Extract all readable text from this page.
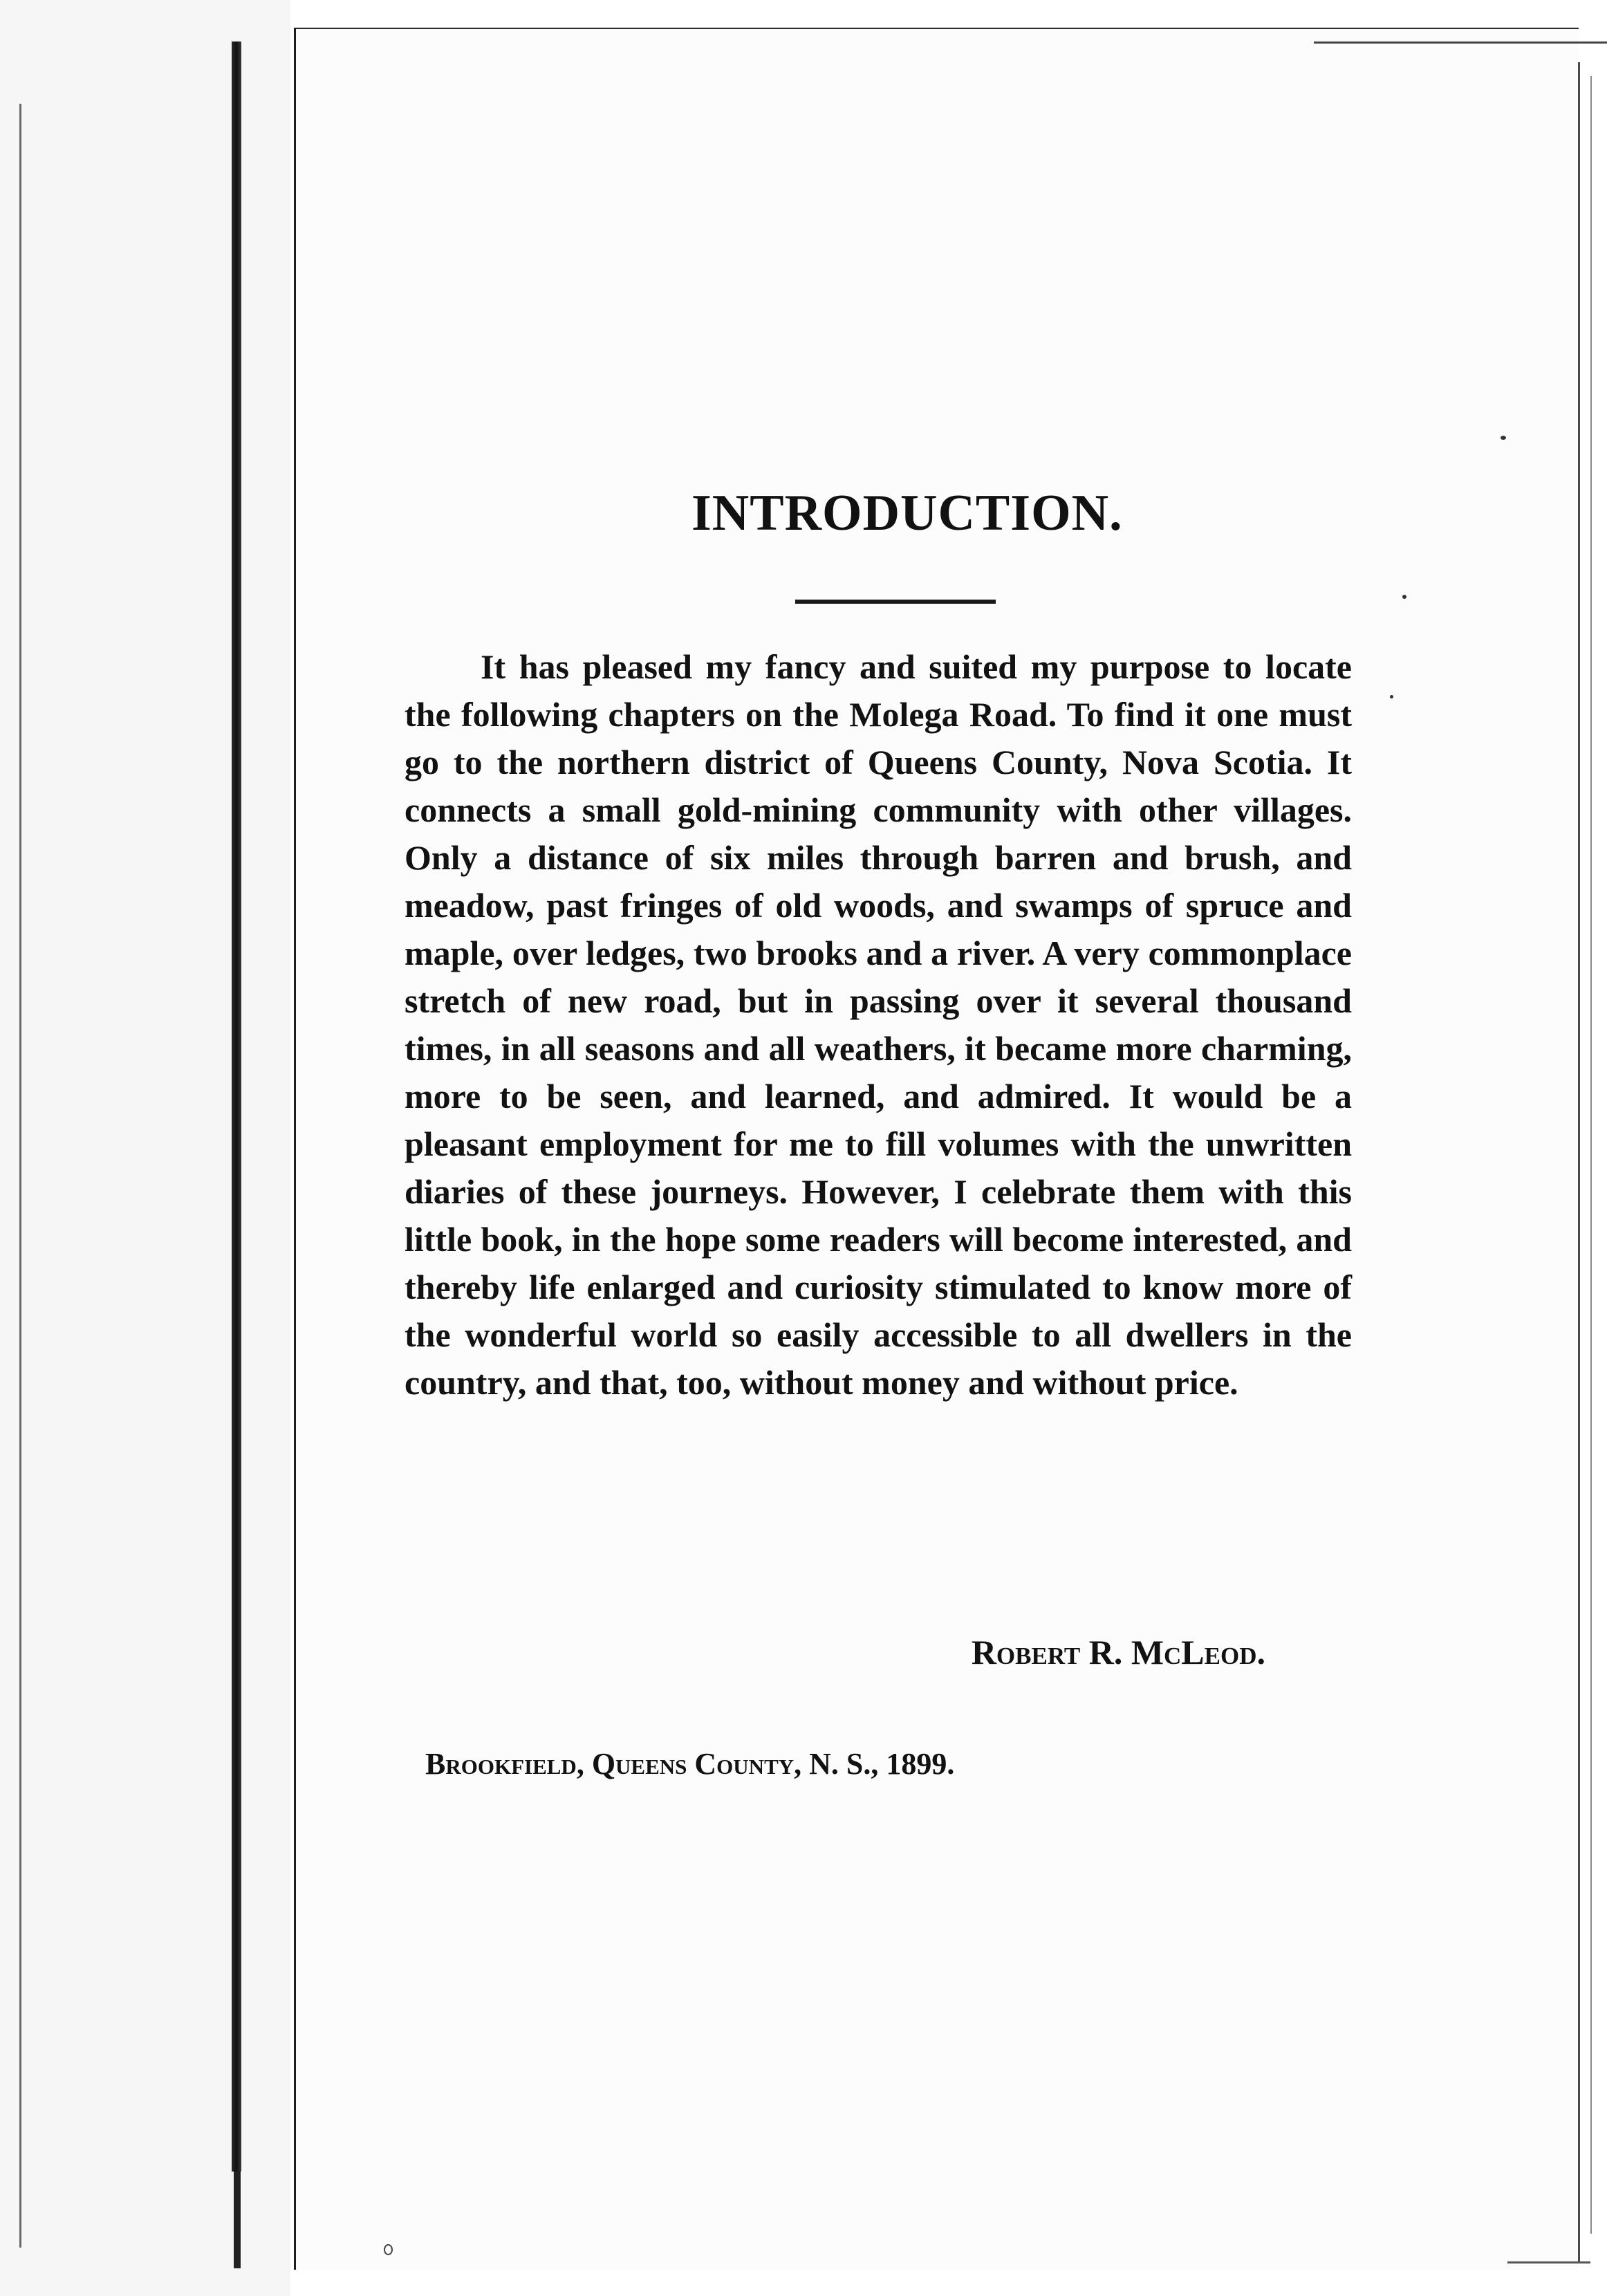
INTRODUCTION.

It has pleased my fancy and suited my purpose to locate the following chapters on the Molega Road. To find it one must go to the northern district of Queens County, Nova Scotia. It connects a small gold-mining community with other villages. Only a distance of six miles through barren and brush, and meadow, past fringes of old woods, and swamps of spruce and maple, over ledges, two brooks and a river. A very commonplace stretch of new road, but in passing over it several thousand times, in all seasons and all weathers, it became more charming, more to be seen, and learned, and admired. It would be a pleasant employment for me to fill volumes with the unwritten diaries of these journeys. However, I celebrate them with this little book, in the hope some readers will become interested, and thereby life enlarged and curiosity stimulated to know more of the wonderful world so easily accessible to all dwellers in the country, and that, too, without money and without price.

Robert R. McLeod.

Brookfield, Queens County, N. S., 1899.
